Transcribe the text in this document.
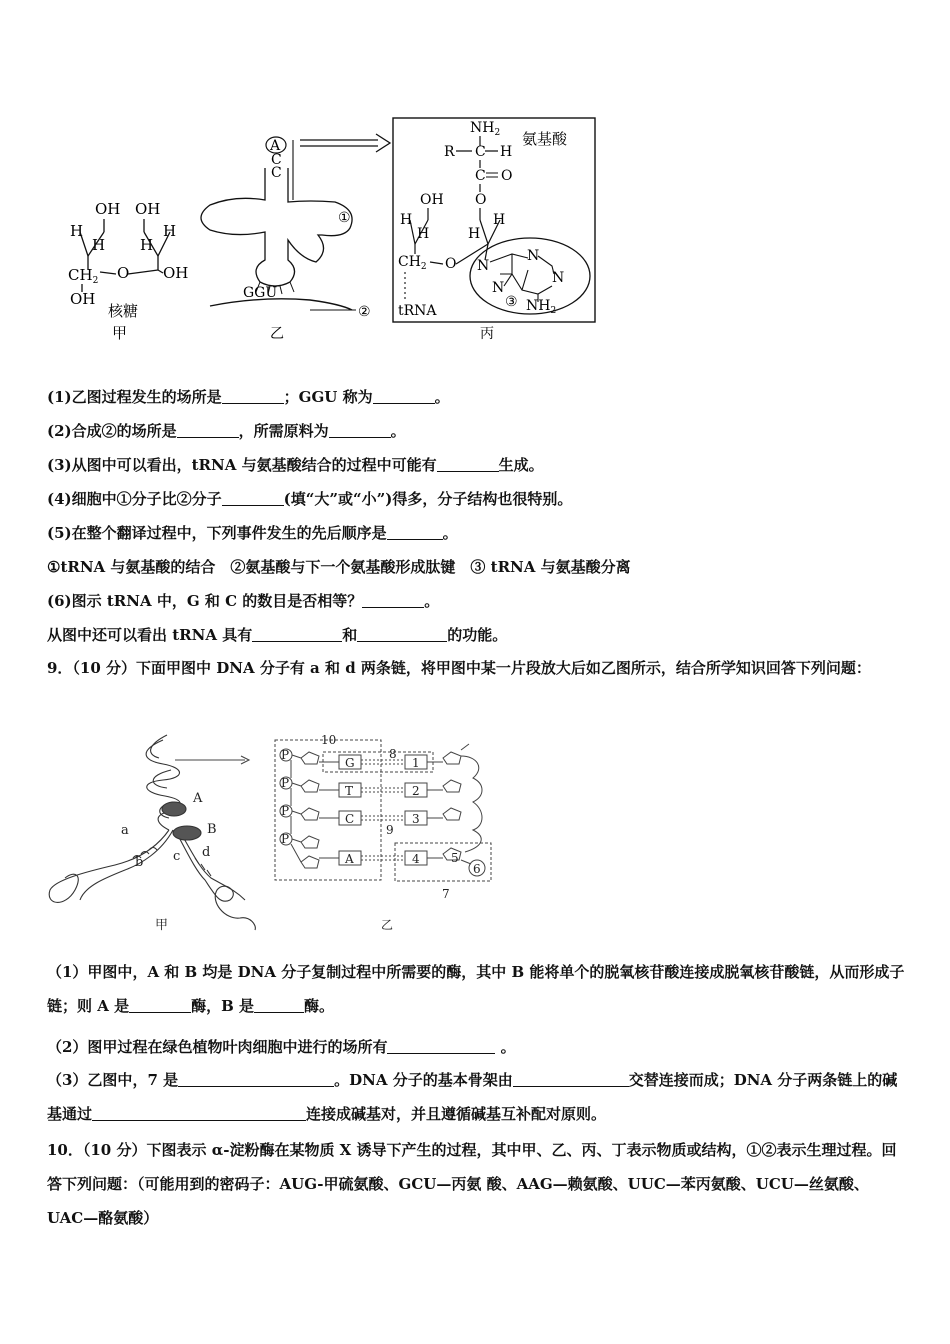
OH OH
H	H
H H
$CH_2$ O OH
OH
核糖
甲
A
C
C
①
GGU
②
乙
$NH_2$
R C H
C O
O
氨基酸
OH
H	H
H	H
$CH_2$ O
tRNA
N
N
N
N
③ $NH_2$
丙
(1)乙图过程发生的场所是	；GGU 称为	。
(2)合成②的场所是	，所需原料为	。
(3)从图中可以看出，tRNA 与氨基酸结合的过程中可能有	生成。
(4)细胞中①分子比②分子	(填“大”或“小”)得多，分子结构也很特别。
(5)在整个翻译过程中，下列事件发生的先后顺序是	。
①tRNA 与氨基酸的结合　②氨基酸与下一个氨基酸形成肽键　③ tRNA 与氨基酸分离
(6)图示 tRNA 中，G 和 C 的数目是否相等？	。
从图中还可以看出 tRNA 具有	和	的功能。
9．（10 分）下面甲图中 DNA 分子有 a 和 d 两条链，将甲图中某一片段放大后如乙图所示，结合所学知识回答下列问题：
A
B
a
b c d
甲
P
P
P
P
10
8
9
7
5
6
G
T
C
A
1
2
3
4
乙
（1）甲图中，A 和 B 均是 DNA 分子复制过程中所需要的酶，其中 B 能将单个的脱氧核苷酸连接成脱氧核苷酸链，从而形成子链；则 A 是	酶，B 是	酶。
（2）图甲过程在绿色植物叶肉细胞中进行的场所有	。
（3）乙图中，7 是	。DNA 分子的基本骨架由	交替连接而成；DNA 分子两条链上的碱基通过	连接成碱基对，并且遵循碱基互补配对原则。
10．（10 分）下图表示 α-淀粉酶在某物质 X 诱导下产生的过程，其中甲、乙、丙、丁表示物质或结构，①②表示生理过程。回答下列问题：（可能用到的密码子：AUG-甲硫氨酸、GCU—丙氨 酸、AAG—赖氨酸、UUC—苯丙氨酸、UCU—丝氨酸、UAC—酪氨酸）
